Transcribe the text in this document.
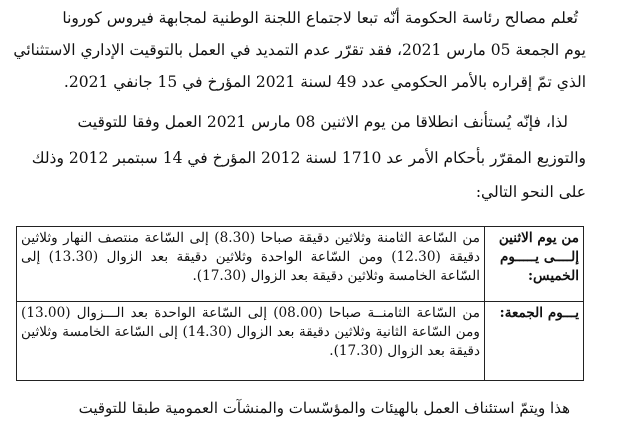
تُعلم مصالح رئاسة الحكومة أنّه تبعا لاجتماع اللجنة الوطنية لمجابهة فيروس كورونا
يوم الجمعة 05 مارس 2021، فقد تقرّر عدم التمديد في العمل بالتوقيت الإداري الاستثنائي
الذي تمّ إقراره بالأمر الحكومي عدد 49 لسنة 2021 المؤرخ في 15 جانفي 2021.
لذا، فإنّه يُستأنف انطلاقا من يوم الاثنين 08 مارس 2021 العمل وفقا للتوقيت
والتوزيع المقرّر بأحكام الأمر عد 1710 لسنة 2012 المؤرخ في 14 سبتمبر 2012 وذلك
على النحو التالي:
من يوم الاثنين
إلــــى يـــــوم
الخميس:	من السّاعة الثامنة وثلاثين دقيقة صباحا (8.30) إلى السّاعة منتصف النهار وثلاثين دقيقة (12.30) ومن السّاعة الواحدة وثلاثين دقيقة بعد الزوال (13.30) إلى السّاعة الخامسة وثلاثين دقيقة بعد الزوال (17.30).

يـــوم الجمعة:	من السّاعة الثامنــة صباحا (08.00) إلى السّاعة الواحدة بعد الـــزوال (13.00) ومن السّاعة الثانية وثلاثين دقيقة بعد الزوال (14.30) إلى السّاعة الخامسة وثلاثين دقيقة بعد الزوال (17.30).
هذا ويتمّ استئناف العمل بالهيئات والمؤسّسات والمنشآت العمومية طبقا للتوقيت
